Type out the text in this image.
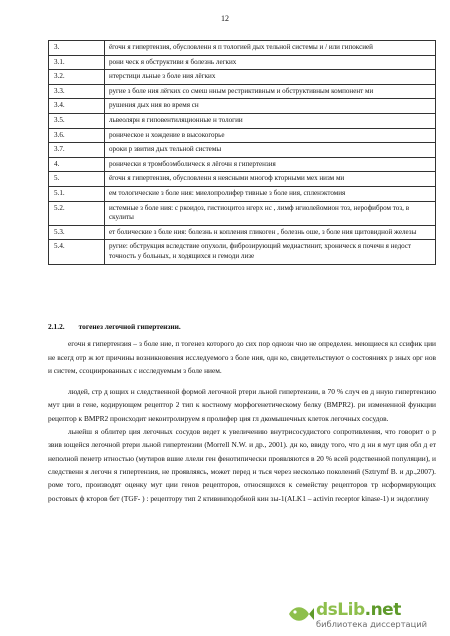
12
3.	ёгочн я гипертензия, обусловленн я п тологией дых тельной системы и / или гипоксией
3.1.	рони ческ я обструктиви я болезнь легких
3.2.	нтерстици льные з боле ния лёгких
3.3.	ругие з боле ния лёгких со смеш нным рестриктивным и обструктивным компонент ми
3.4.	рушения дых ния во время сн
3.5.	львеолярн я гиповентиляционные н тологии
3.6.	роническое н хождение в высокогорье
3.7.	ороки р звития дых тельной системы
4.	ронически я тромбоэмболическ я лёгочн я гипертензия
5.	ёгочн я гипертензия, обусловленн я неясными многоф кторными мех низм ми
5.1.	ем тологические з боле ния: миелопролифер тивные з боле ния, спленэктомия
5.2.	истемные з боле ния: с ркоидоз, гистиоцитоз нгерх нс , лимф нгиолейомион тоз, нерофибром тоз, в скулиты
5.3.	ет болические з боле ния: болезнь н копления гликоген , болезнь оше, з боле ния щитовидной железы
5.4.	ругие: обструкция вследствие опухоли, фиброзирующий медиастинит, хроническ я почечн я недост точность у больных, н ходящихся н гемоди лизе

2.1.2. тогенез легочной гипертензии.

егочн я гипертензия – з боле ние, п тогенез которого до сих пор однозн чно не определен. меющиеся кл ссифик ции не всегд отр ж ют причины возникновения исследуемого з боле ния, одн ко, свидетельствуют о состояниях р зных орг нов и систем, ссоциированных с исследуемым з боле нием.

людей, стр д ющих н следственной формой легочной ртери льной гипертензии, в 70 % случ ев д нную гипертензию мут ции в гене, кодирующем рецептор 2 тип к костному морфогенетическому белку (BMPR2). ри измененной функции рецептор к BMPR2 происходит неконтролируем я пролифер ция гл дкомышечных клеток легочных сосудов.

льнейш я облитер ция легочных сосудов ведет к увеличению внутрисосудистого сопротивления, что говорит о р звив ющейся легочной ртери льной гипертензии (Morrell N.W. и др., 2001). дн ко, ввиду того, что д нн я мут ция обл д ет неполной пенетр нтностью (мутиров вшие ллели ген фенотипически проявляются в 20 % всей родственной популяции), и следственн я легочн я гипертензия, не проявляясь, может перед н ться через несколько поколений (Sztrymf B. и др.,2007). роме того, производят оценку мут ции генов рецепторов, относящихся к семейству рецепторов тр нсформирующих ростовых ф кторов бет (TGF- ) : рецептору тип 2 ктивинподобной кин зы-1(ALK1 – activin receptor kinase-1) и эндоглину

dsLib.net
библиотека диссертаций
